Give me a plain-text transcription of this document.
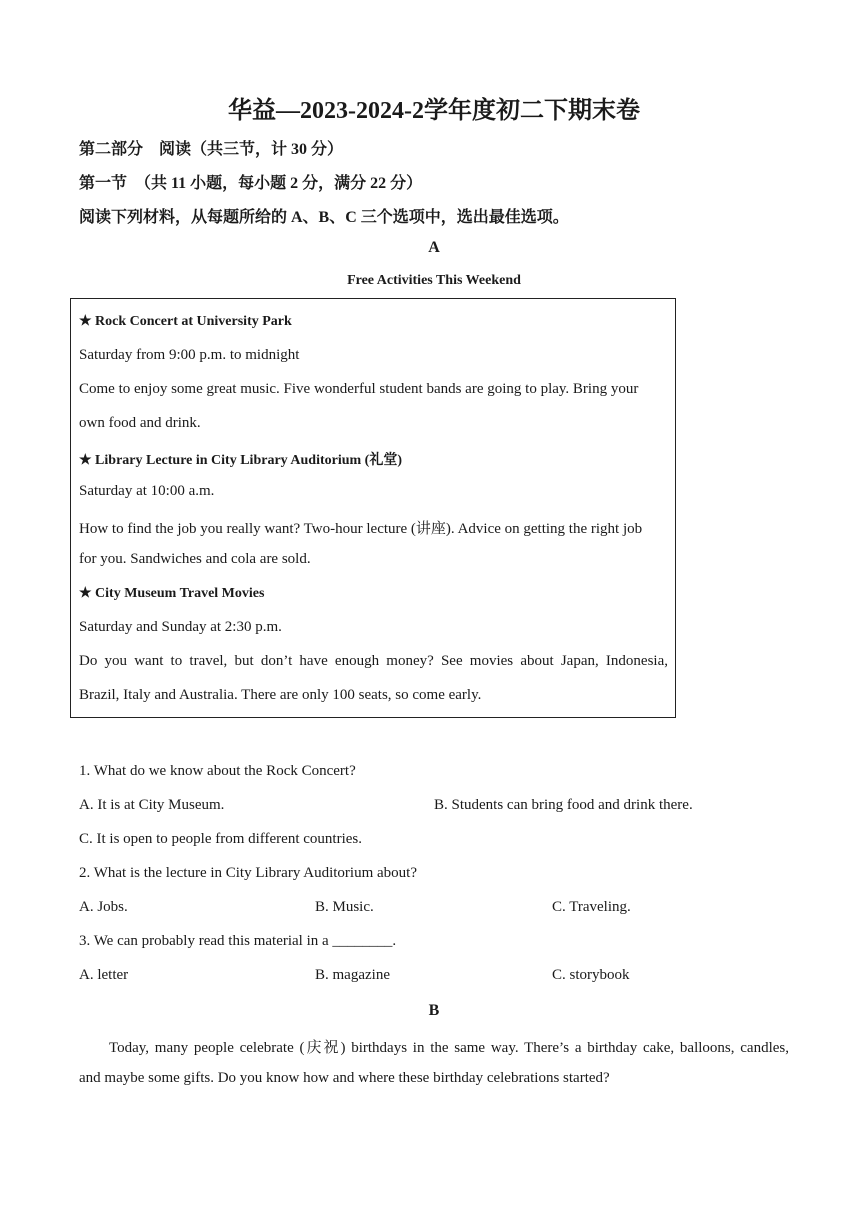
华益—2023-2024-2学年度初二下期末卷
第二部分　阅读（共三节，计 30 分）
第一节　（共 11 小题，每小题 2 分，满分 22 分）
阅读下列材料，从每题所给的 A、B、C 三个选项中，选出最佳选项。
A
Free Activities This Weekend
★ Rock Concert at University Park
Saturday from 9:00 p.m. to midnight
Come to enjoy some great music. Five wonderful student bands are going to play. Bring your
own food and drink.
★ Library Lecture in City Library Auditorium (礼堂)
Saturday at 10:00 a.m.
How to find the job you really want? Two-hour lecture (讲座). Advice on getting the right job
for you. Sandwiches and cola are sold.
★ City Museum Travel Movies
Saturday and Sunday at 2:30 p.m.
Do you want to travel, but don’t have enough money? See movies about Japan, Indonesia,
Brazil, Italy and Australia. There are only 100 seats, so come early.
1. What do we know about the Rock Concert?
A. It is at City Museum.	B. Students can bring food and drink there.
C. It is open to people from different countries.
2. What is the lecture in City Library Auditorium about?
A. Jobs.	B. Music.	C. Traveling.
3. We can probably read this material in a ________.
A. letter	B. magazine	C. storybook
B
Today, many people celebrate (庆祝) birthdays in the same way. There’s a birthday cake, balloons, candles,
and maybe some gifts. Do you know how and where these birthday celebrations started?
